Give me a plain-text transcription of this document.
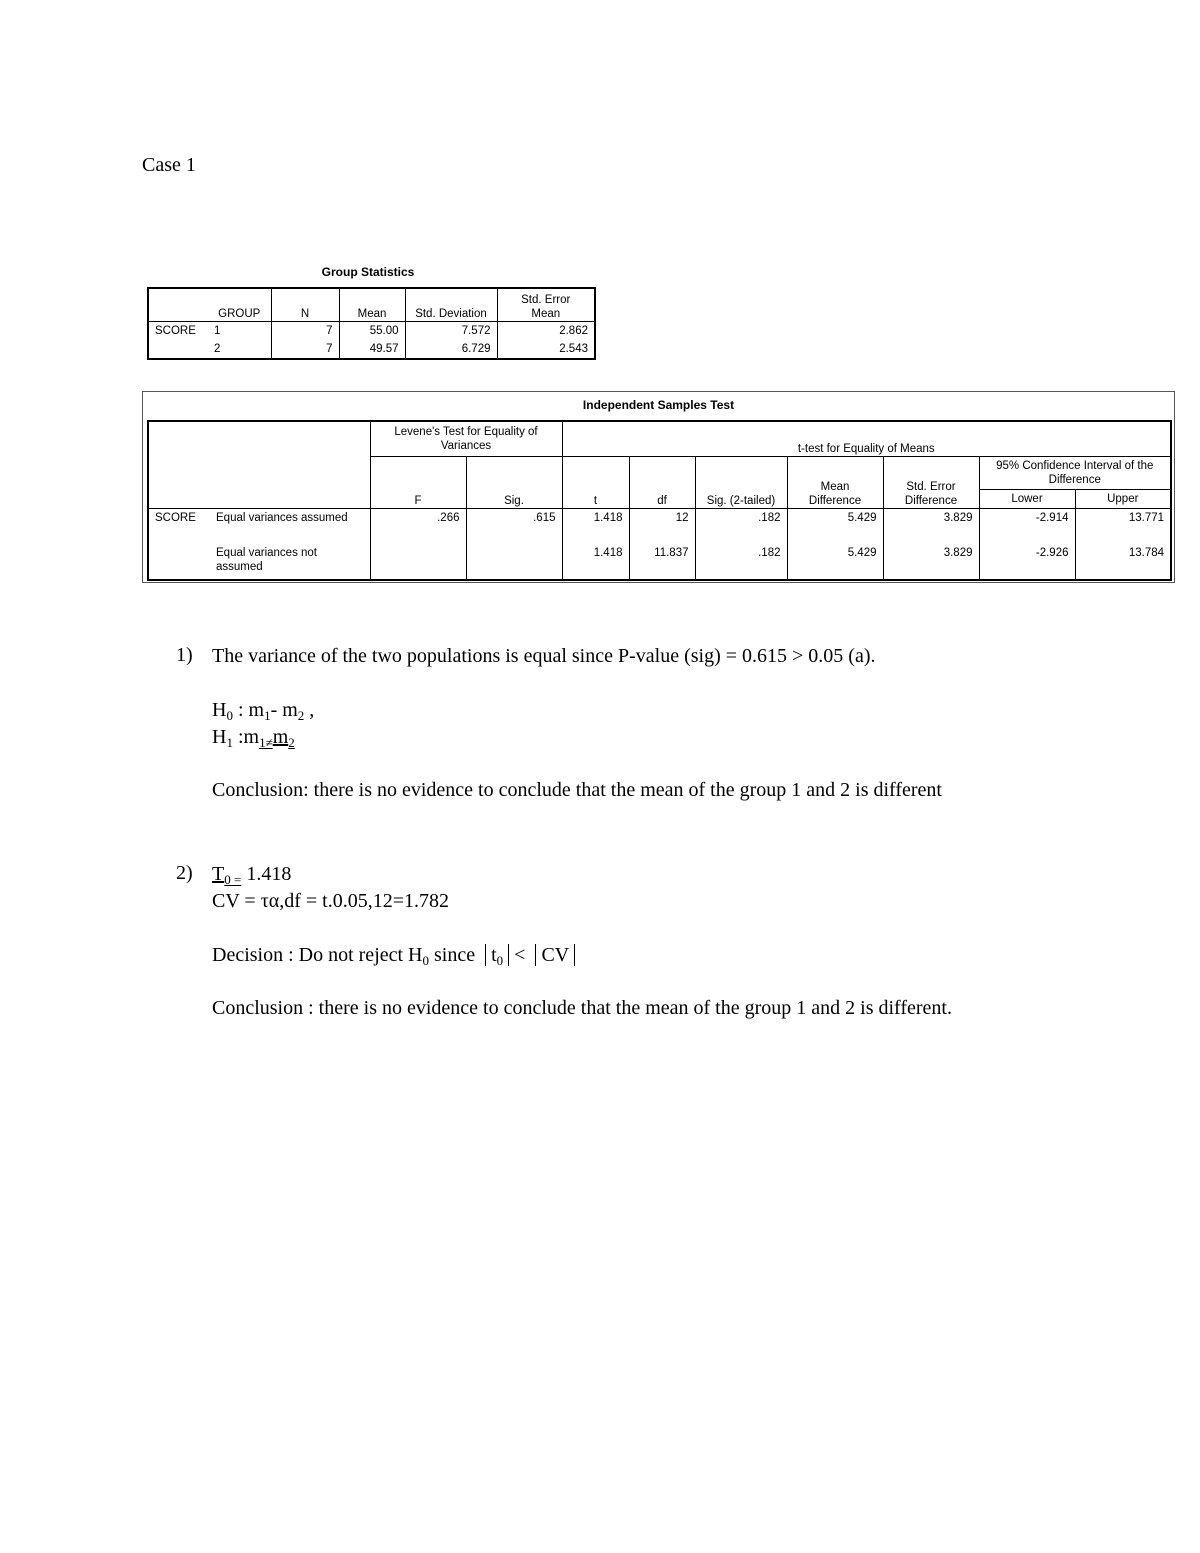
Case 1
Group Statistics
	GROUP	N	Mean	Std. Deviation	Std. Error
Mean
SCORE	1	7	55.00	7.572	2.862
	2	7	49.57	6.729	2.543
Independent Samples Test
		Levene's Test for Equality of Variances		t-test for Equality of Means						
		F	Sig.	t	df	Sig. (2-tailed)	Mean Difference	Std. Error Difference	95% Confidence Interval of the Difference	
									Lower	Upper
SCORE	Equal variances assumed	.266	.615	1.418	12	.182	5.429	3.829	-2.914	13.771
	Equal variances not assumed			1.418	11.837	.182	5.429	3.829	-2.926	13.784
1) The variance of the two populations is equal since P-value (sig) = 0.615 > 0.05 (a).
$H_0$ : $m_1-$ $m_2$ ,
$H_1$ $:m_{1\ne}m_2$
Conclusion: there is no evidence to conclude that the mean of the group 1 and 2 is different
2) $T_{0 =}$ 1.418
CV = τα,df = t.0.05,12=1.782
Decision : Do not reject $H_0$ since $t_0$ < CV
Conclusion : there is no evidence to conclude that the mean of the group 1 and 2 is different.
